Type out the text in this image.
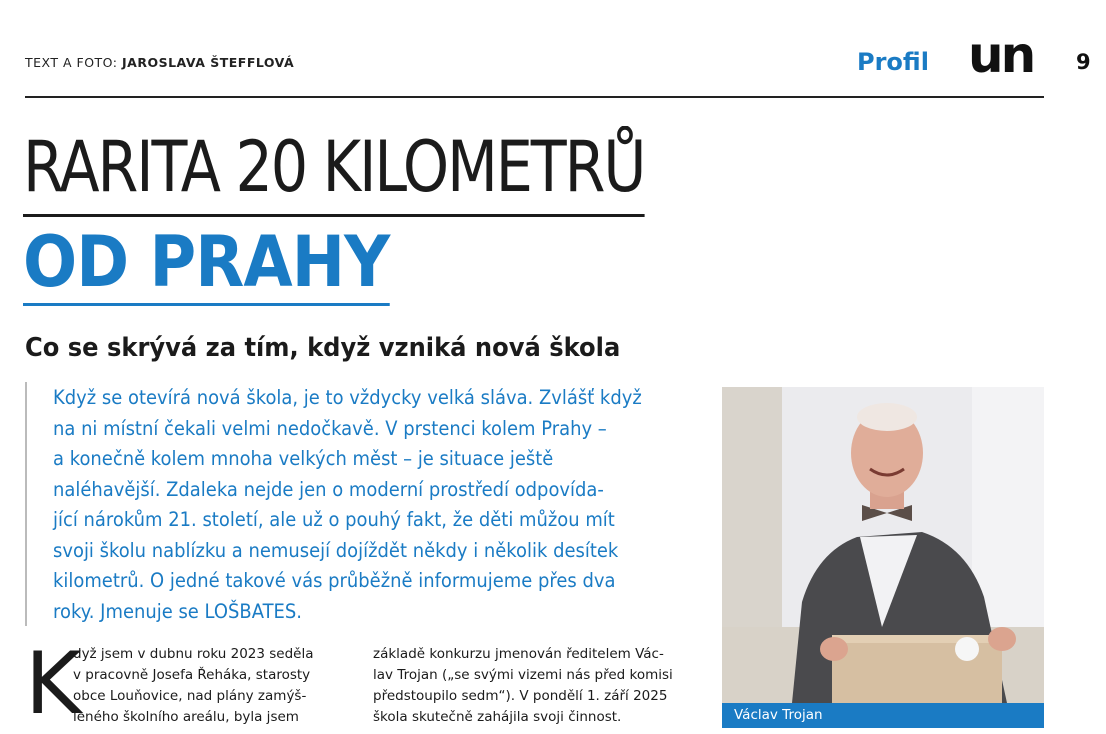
TEXT A FOTO: JAROSLAVA ŠTEFFLOVÁ	Profil un 9
RARITA 20 KILOMETRŮ
OD PRAHY
Co se skrývá za tím, když vzniká nová škola
Když se otevírá nová škola, je to vždycky velká sláva. Zvlášť když
na ni místní čekali velmi nedočkavě. V prstenci kolem Prahy –
a konečně kolem mnoha velkých měst – je situace ještě
naléhavější. Zdaleka nejde jen o moderní prostředí odpovída-
jící nárokům 21. století, ale už o pouhý fakt, že děti můžou mít
svoji školu nablízku a nemusejí dojíždět někdy i několik desítek
kilometrů. O jedné takové vás průběžně informujeme přes dva
roky. Jmenuje se LOŠBATES.
K
dyž jsem v dubnu roku 2023 seděla
v pracovně Josefa Řeháka, starosty
obce Louňovice, nad plány zamýš-
leného školního areálu, byla jsem
základě konkurzu jmenován ředitelem Vác-
lav Trojan („se svými vizemi nás před komisi
předstoupilo sedm“). V pondělí 1. září 2025
škola skutečně zahájila svoji činnost.	Václav Trojan
